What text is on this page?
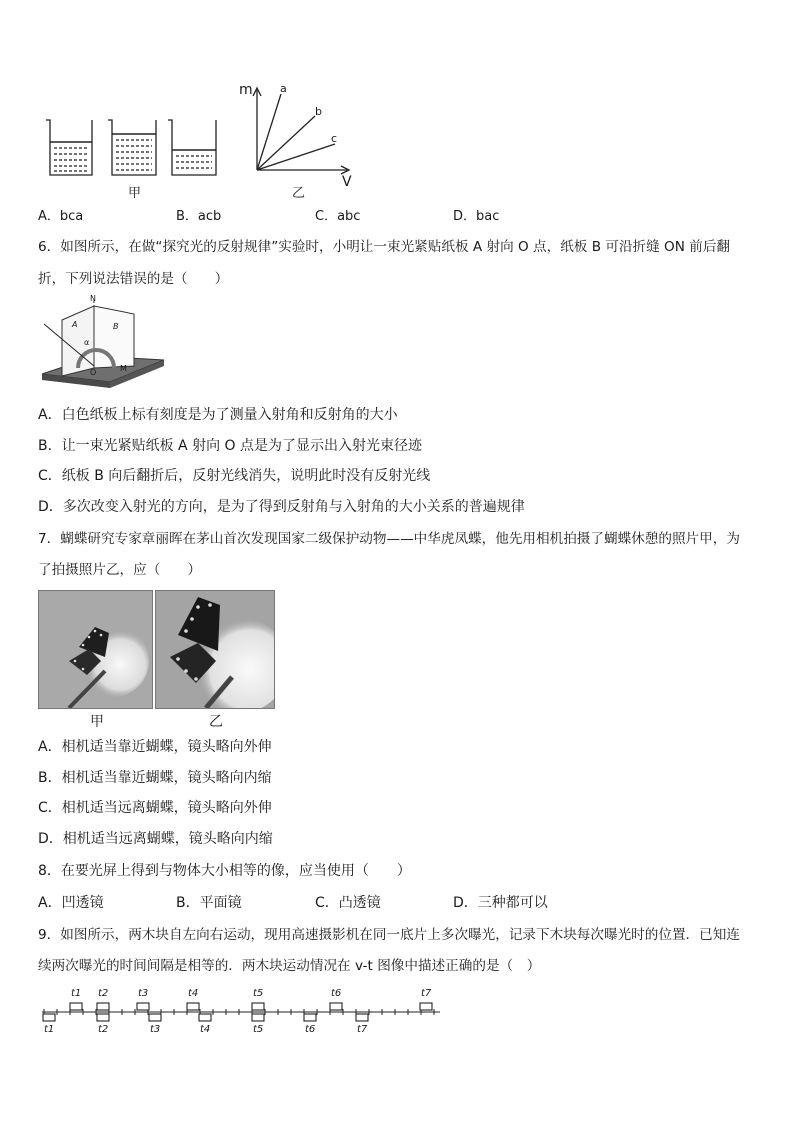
甲
m
V
a
b
c
乙
A．bca	B．acb	C．abc	D．bac
6．如图所示，在做“探究光的反射规律”实验时，小明让一束光紧贴纸板 A 射向 O 点，纸板 B 可沿折缝 ON 前后翻
折，下列说法错误的是（　　）
N
A	B
α
O	M
A．白色纸板上标有刻度是为了测量入射角和反射角的大小
B．让一束光紧贴纸板 A 射向 O 点是为了显示出入射光束径迹
C．纸板 B 向后翻折后，反射光线消失，说明此时没有反射光线
D．多次改变入射光的方向，是为了得到反射角与入射角的大小关系的普遍规律
7．蝴蝶研究专家章丽晖在茅山首次发现国家二级保护动物——中华虎凤蝶，他先用相机拍摄了蝴蝶休憩的照片甲，为
了拍摄照片乙，应（　　）
甲	乙
A．相机适当靠近蝴蝶，镜头略向外伸
B．相机适当靠近蝴蝶，镜头略向内缩
C．相机适当远离蝴蝶，镜头略向外伸
D．相机适当远离蝴蝶，镜头略向内缩
8．在要光屏上得到与物体大小相等的像，应当使用（　　）
A．凹透镜	B．平面镜	C．凸透镜	D．三种都可以
9．如图所示，两木块自左向右运动，现用高速摄影机在同一底片上多次曝光，记录下木块每次曝光时的位置．已知连
续两次曝光的时间间隔是相等的．两木块运动情况在 v-t 图像中描述正确的是（　）
t1 t2	t3	t4	t5	t6	t7
t1	t2	t3	t4	t5	t6	t7
